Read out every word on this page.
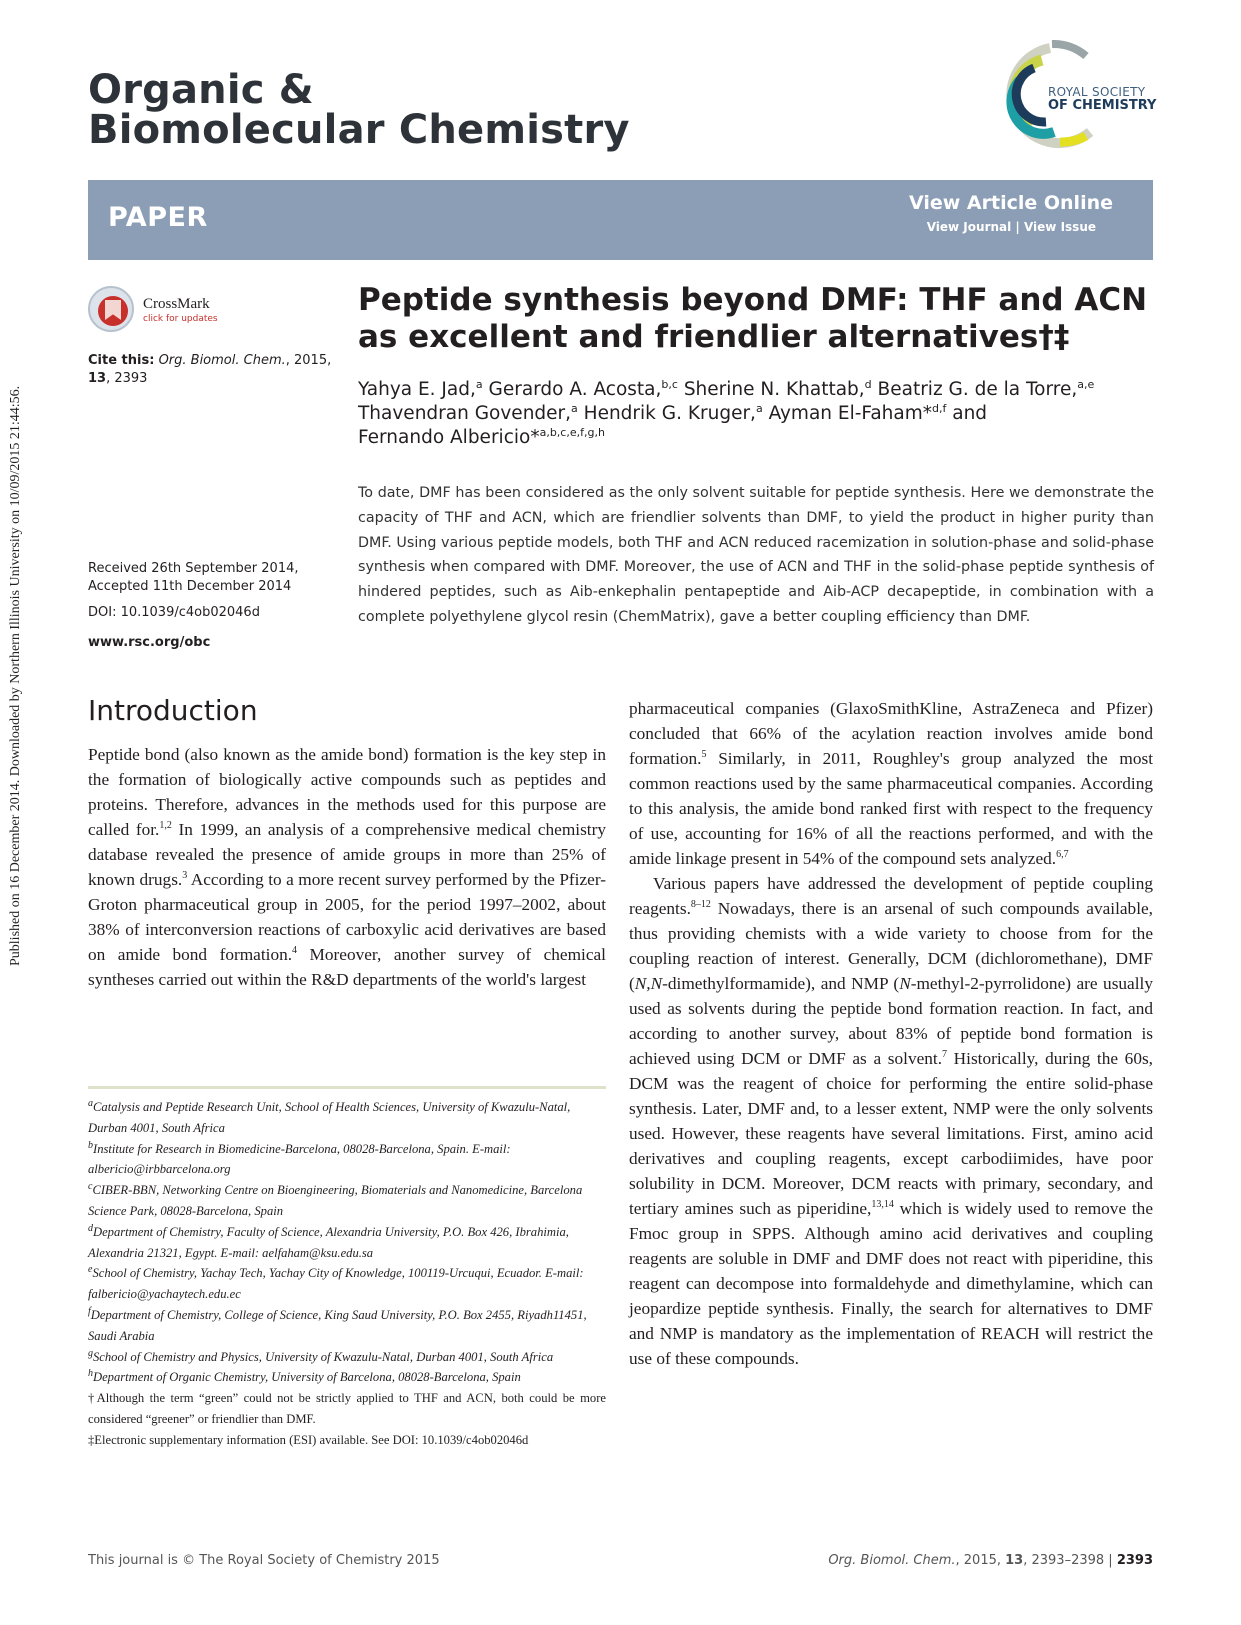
Published on 16 December 2014. Downloaded by Northern Illinois University on 10/09/2015 21:44:56.
Organic &
Biomolecular Chemistry
ROYAL SOCIETY
OF CHEMISTRY
PAPER	View Article Online
View Journal | View Issue
CrossMark
click for updates
Cite this: Org. Biomol. Chem., 2015,
13, 2393
Received 26th September 2014,
Accepted 11th December 2014
DOI: 10.1039/c4ob02046d
www.rsc.org/obc
Peptide synthesis beyond DMF: THF and ACN as excellent and friendlier alternatives†‡
Yahya E. Jad,$^a$ Gerardo A. Acosta,$^{b,c}$ Sherine N. Khattab,$^d$ Beatriz G. de la Torre,$^{a,e}$
Thavendran Govender,$^a$ Hendrik G. Kruger,$^a$ Ayman El-Faham*$^{d,f}$ and
Fernando Albericio*$^{a,b,c,e,f,g,h}$
To date, DMF has been considered as the only solvent suitable for peptide synthesis. Here we demonstrate the capacity of THF and ACN, which are friendlier solvents than DMF, to yield the product in higher purity than DMF. Using various peptide models, both THF and ACN reduced racemization in solution-phase and solid-phase synthesis when compared with DMF. Moreover, the use of ACN and THF in the solid-phase peptide synthesis of hindered peptides, such as Aib-enkephalin pentapeptide and Aib-ACP decapeptide, in combination with a complete polyethylene glycol resin (ChemMatrix), gave a better coupling efficiency than DMF.
Introduction

Peptide bond (also known as the amide bond) formation is the key step in the formation of biologically active compounds such as peptides and proteins. Therefore, advances in the methods used for this purpose are called for.$^{1,2}$ In 1999, an analysis of a comprehensive medical chemistry database revealed the presence of amide groups in more than 25% of known drugs.$^3$ According to a more recent survey performed by the Pfizer-Groton pharmaceutical group in 2005, for the period 1997–2002, about 38% of interconversion reactions of carboxylic acid derivatives are based on amide bond formation.$^4$ Moreover, another survey of chemical syntheses carried out within the R&D departments of the world's largest

pharmaceutical companies (GlaxoSmithKline, AstraZeneca and Pfizer) concluded that 66% of the acylation reaction involves amide bond formation.$^5$ Similarly, in 2011, Roughley's group analyzed the most common reactions used by the same pharmaceutical companies. According to this analysis, the amide bond ranked first with respect to the frequency of use, accounting for 16% of all the reactions performed, and with the amide linkage present in 54% of the compound sets analyzed.$^{6,7}$

Various papers have addressed the development of peptide coupling reagents.$^{8-12}$ Nowadays, there is an arsenal of such compounds available, thus providing chemists with a wide variety to choose from for the coupling reaction of interest. Generally, DCM (dichloromethane), DMF (N,N-dimethylformamide), and NMP (N-methyl-2-pyrrolidone) are usually used as solvents during the peptide bond formation reaction. In fact, and according to another survey, about 83% of peptide bond formation is achieved using DCM or DMF as a solvent.$^7$ Historically, during the 60s, DCM was the reagent of choice for performing the entire solid-phase synthesis. Later, DMF and, to a lesser extent, NMP were the only solvents used. However, these reagents have several limitations. First, amino acid derivatives and coupling reagents, except carbodiimides, have poor solubility in DCM. Moreover, DCM reacts with primary, secondary, and tertiary amines such as piperidine,$^{13,14}$ which is widely used to remove the Fmoc group in SPPS. Although amino acid derivatives and coupling reagents are soluble in DMF and DMF does not react with piperidine, this reagent can decompose into formaldehyde and dimethylamine, which can jeopardize peptide synthesis. Finally, the search for alternatives to DMF and NMP is mandatory as the implementation of REACH will restrict the use of these compounds.

$^a$Catalysis and Peptide Research Unit, School of Health Sciences, University of Kwazulu-Natal, Durban 4001, South Africa
$^b$Institute for Research in Biomedicine-Barcelona, 08028-Barcelona, Spain. E-mail: albericio@irbbarcelona.org
$^c$CIBER-BBN, Networking Centre on Bioengineering, Biomaterials and Nanomedicine, Barcelona Science Park, 08028-Barcelona, Spain
$^d$Department of Chemistry, Faculty of Science, Alexandria University, P.O. Box 426, Ibrahimia, Alexandria 21321, Egypt. E-mail: aelfaham@ksu.edu.sa
$^e$School of Chemistry, Yachay Tech, Yachay City of Knowledge, 100119-Urcuqui, Ecuador. E-mail: falbericio@yachaytech.edu.ec
$^f$Department of Chemistry, College of Science, King Saud University, P.O. Box 2455, Riyadh11451, Saudi Arabia
$^g$School of Chemistry and Physics, University of Kwazulu-Natal, Durban 4001, South Africa
$^h$Department of Organic Chemistry, University of Barcelona, 08028-Barcelona, Spain
†Although the term “green” could not be strictly applied to THF and ACN, both could be more considered “greener” or friendlier than DMF.
‡Electronic supplementary information (ESI) available. See DOI: 10.1039/c4ob02046d
This journal is © The Royal Society of Chemistry 2015	Org. Biomol. Chem., 2015, 13, 2393–2398 | 2393
